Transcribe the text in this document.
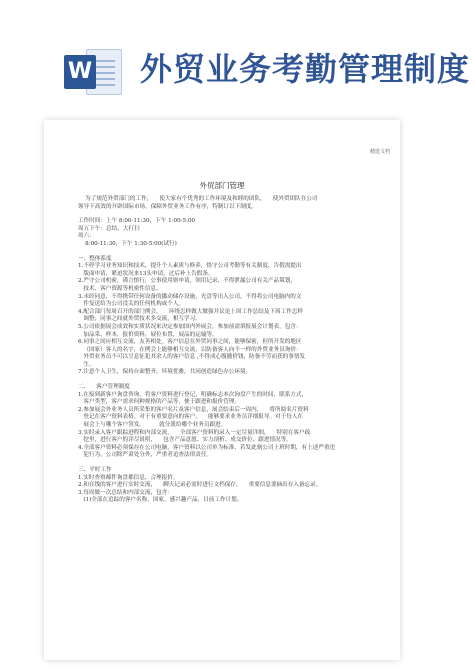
W 外贸业务考勤管理制度
精选文档
外贸部门管理

为了规范外贸部门的工作，    使大家有个优秀的工作环境及和睦的团队，    使外贸团队在公司

领导下高效的开辟国际市场，保障外贸业务工作有序，特制订以下制度。

工作时间：上午 8:00-11:30，下午 1:00-5:00

周五下午：总结，大打扫

周六：

8:00-11:30，下午 1:30-5:00(试行)

一、整体系度

1.不停学习业务知识和技术，提升个人素质与修养，恪守公司考勤等有关制度，告假需提出

版面申请，紧迫状况来13头申请，过后补上告假条。

2.严守公司机密，谨言慎行，公事使用则申请，领用记录，不得泄漏公司有关产品策划，

技术、客户资源等机密性信息。

3.未经同意，不得携带任何设备的挪动储存设施，光盘等出入公司，不得将公司电脑内的文

件复送给为公司没关的任何机构或个人。

4.配合部门每周召开的部门例会，    环绕怎样做大做强并议论上周工作总结及下周工作怎样

调整；同事之间就外贸技术多交流，相互学习。

5.公司依据展会成效和实质状况来决定参加国内外展会，参加前需填报展会计划表，包含：

加品采、样本，报价资料，展位布置，展品的运输等。

6.同事之间应相互交流，友善相处。客户信息在外贸同事之间，能够保密，但所开发的地区

（国家）客人的名字，在例会上能够相互交流，以防备客人向不一样的外贸业务员询价：

外贸业务员不可以呈息征犯其余人的客户信息 ,不得成心腹撤价钱，防备不劳而获的事情发

生。

7.注意个人卫生，保持台面整齐，坏境优雅，共同创造绿色办公环境。

二、    客户管理制度

1.在接到新客户询盘咨询，将客户资料进行登记，明确标志本次询盘产生的时间，联系方式，

客户类型，客户需求何种规格的产品等，便于跟进和报价管理。

2.参加展会外业务人员所采集的客户名片及客户信息，展会结束后一周内，    将所阅名片资料

登记在客户资料表格。对于有重要意向的客户，    能够要求业务员详细报导。对于每人在

展会上与哪个客户签发。        就分派给哪个业务员跟进。

3.实时录入客户跟踪进程和内部交流，    全部客户资料的录入一定尽量详细，    特别在客户疏

挖里，进行客户的详尽说明，    包含产品意愿、实力剖析、成交价位、跟进情况等。

4.全部客户资料必须保存在公司电脑，客户资料以公司单为标准，若发此刻公司上班时期，有上述严重违

犯行为，公司除严肃处分外，严重者追查法律责任。

三、平时工作

1.实时查察邮件询盘都信息，合理报价。

2.和在线的客户进行实时交流，    聊天记录必需时进行文档保存，    重要信息要摘出存入备忘录。

3.每周做一次总结和内部交流，包含：

(1)全部在追踪的客户名称，国家，感兴趣产品，目前工作计划。
